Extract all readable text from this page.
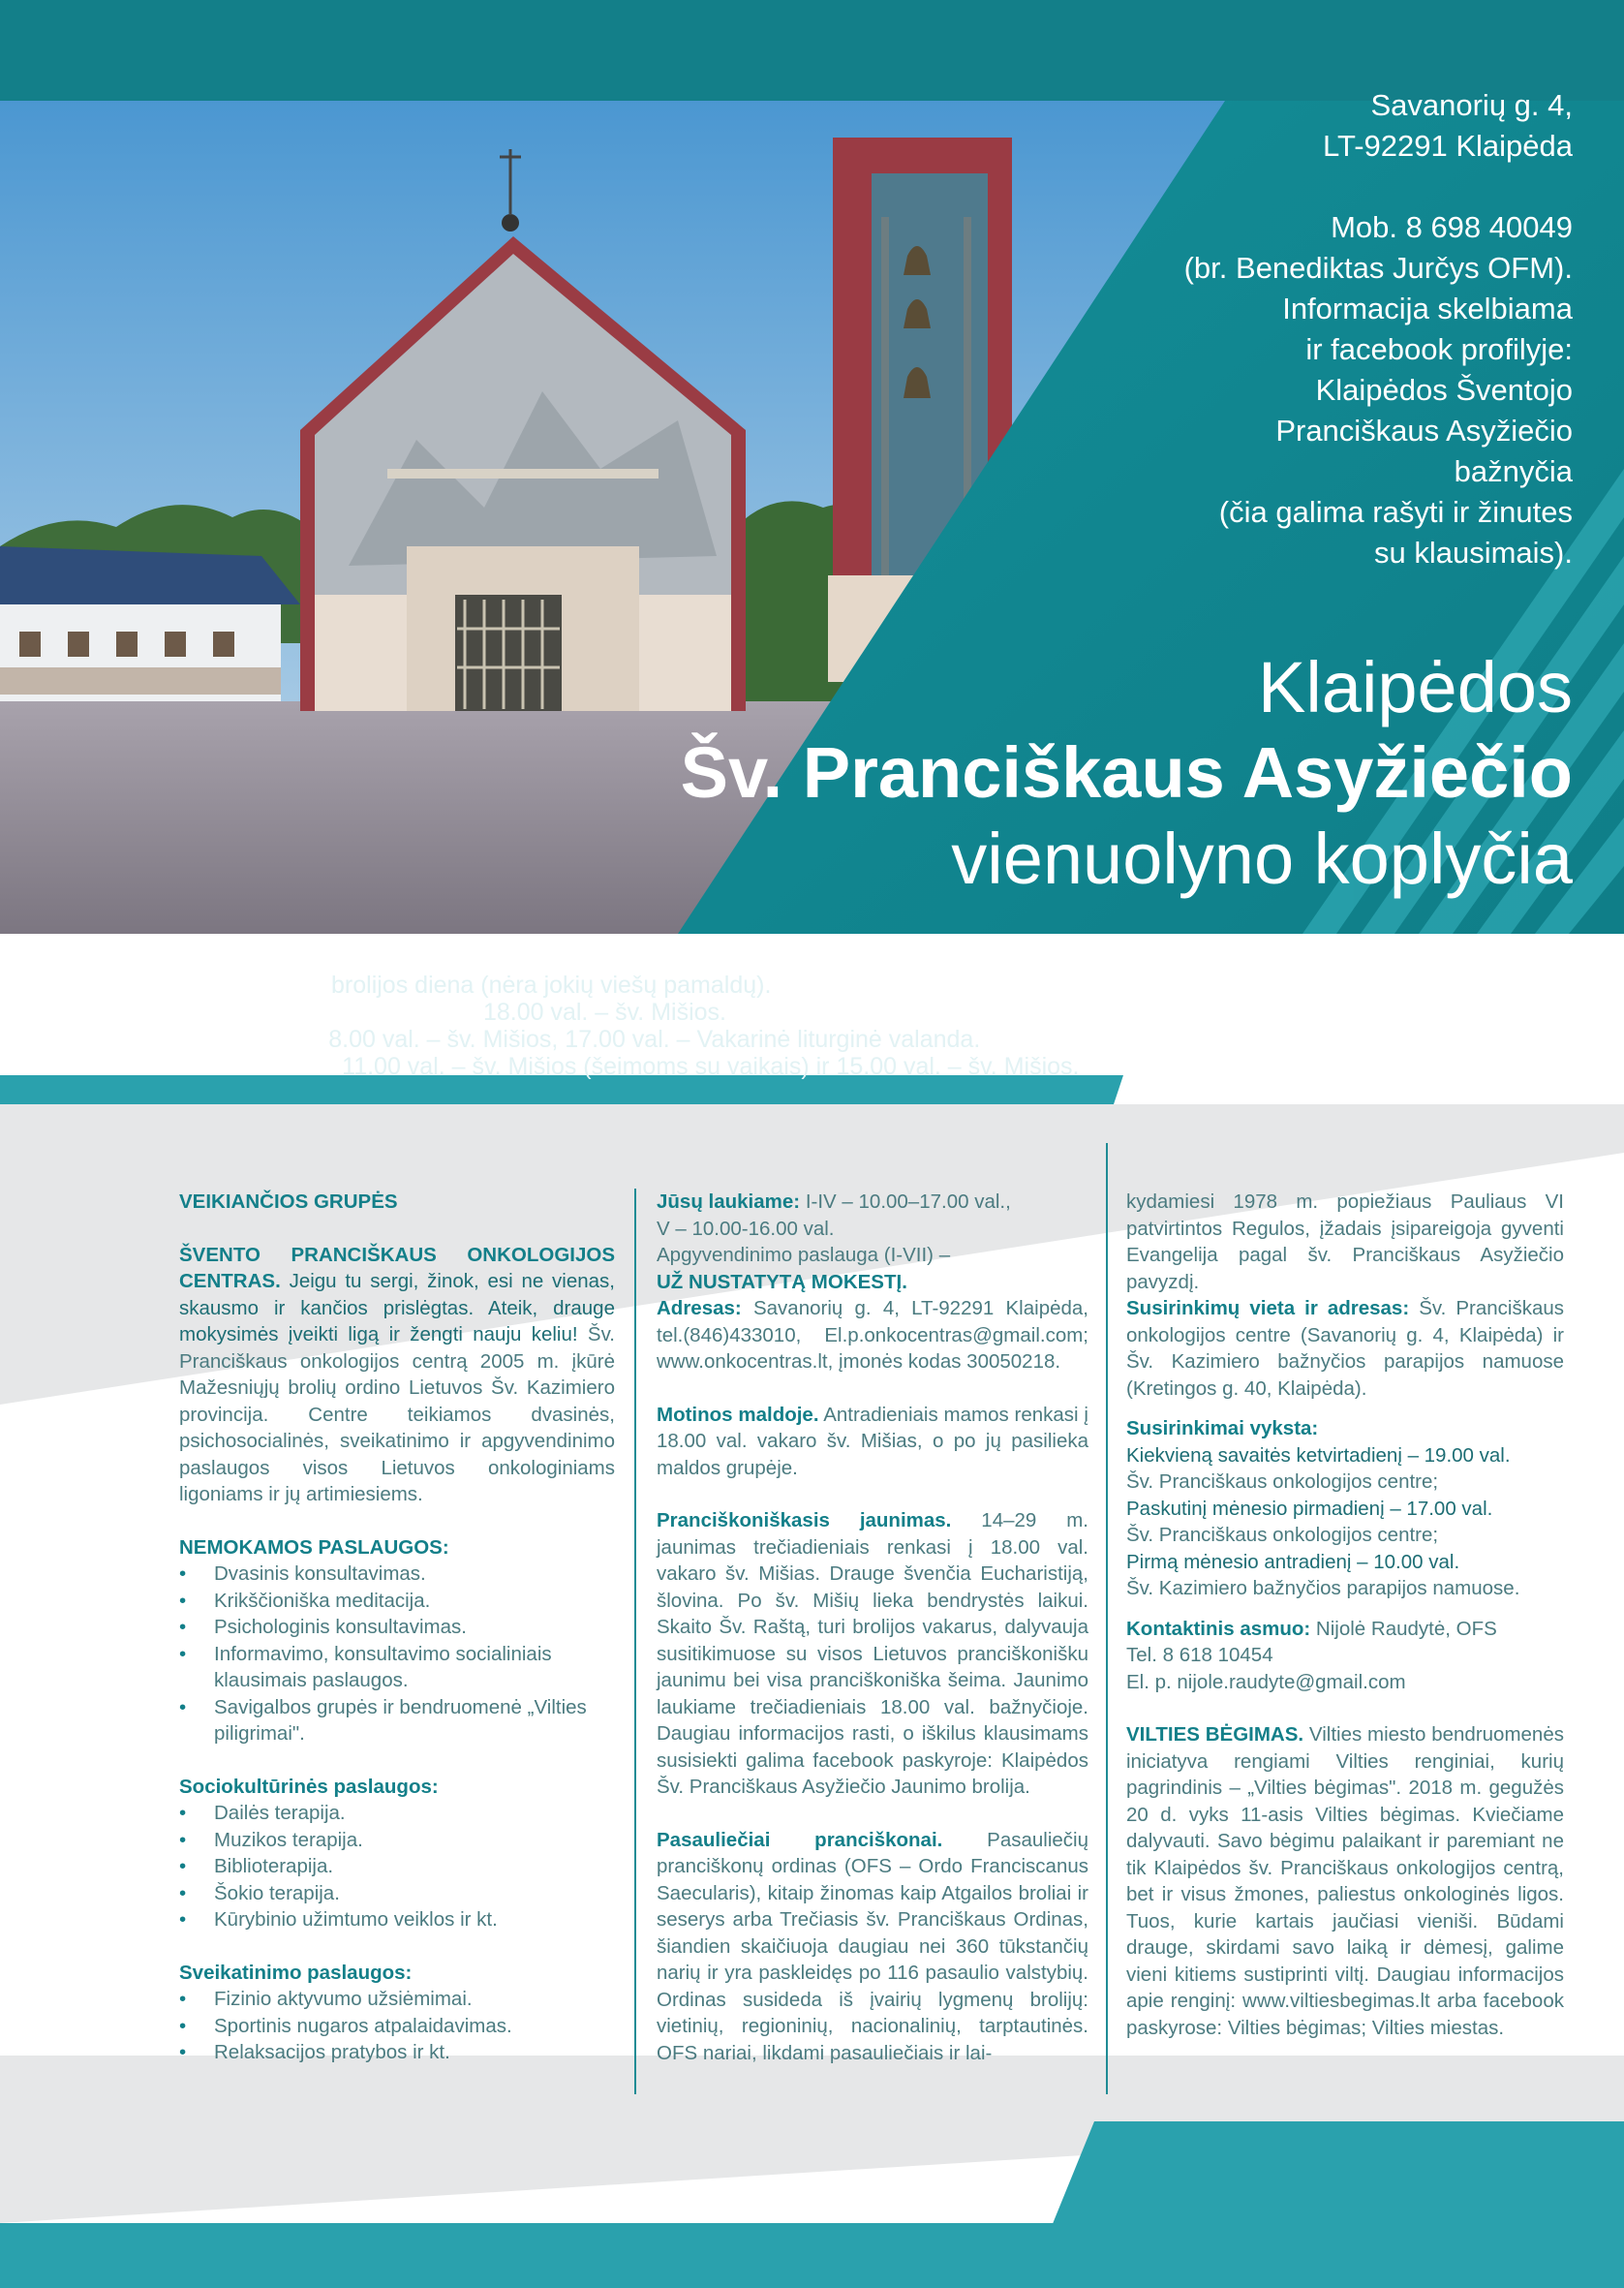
Savanorių g. 4,
LT-92291 Klaipėda
Mob. 8 698 40049
(br. Benediktas Jurčys OFM).
Informacija skelbiama
ir facebook profilyje:
Klaipėdos Šventojo
Pranciškaus Asyžiečio
bažnyčia
(čia galima rašyti ir žinutes
su klausimais).
Klaipėdos
Šv. Pranciškaus Asyžiečio
vienuolyno koplyčia
Pamaldų tvarka:
Pirmadienis: brolijos diena (nėra jokių viešų pamaldų).
Antradienis-penktadienis: 18.00 val. – šv. Mišios.
Šeštadienis: 8.00 val. – šv. Mišios, 17.00 val. – Vakarinė liturginė valanda.
Sekmadienis: 11.00 val. – šv. Mišios (šeimoms su vaikais) ir 15.00 val. – šv. Mišios.

VEIKIANČIOS GRUPĖS

ŠVENTO PRANCIŠKAUS ONKOLOGIJOS CENTRAS. Jeigu tu sergi, žinok, esi ne vienas, skausmo ir kančios prislėgtas. Ateik, drauge mokysimės įveikti ligą ir žengti nauju keliu! Šv. Pranciškaus onkologijos centrą 2005 m. įkūrė Mažesniųjų brolių ordino Lietuvos Šv. Kazimiero provincija. Centre teikiamos dvasinės, psichosocialinės, sveikatinimo ir apgyvendinimo paslaugos visos Lietuvos onkologiniams ligoniams ir jų artimiesiems.

NEMOKAMOS PASLAUGOS:

• Dvasinis konsultavimas.

• Krikščioniška meditacija.

• Psichologinis konsultavimas.

• Informavimo, konsultavimo socialiniais klausimais paslaugos.

• Savigalbos grupės ir bendruomenė „Vilties piligrimai".

Sociokultūrinės paslaugos:

• Dailės terapija.

• Muzikos terapija.

• Biblioterapija.

• Šokio terapija.

• Kūrybinio užimtumo veiklos ir kt.

Sveikatinimo paslaugos:

• Fizinio aktyvumo užsiėmimai.

• Sportinis nugaros atpalaidavimas.

• Relaksacijos pratybos ir kt.

Jūsų laukiame: I-IV – 10.00–17.00 val.,

V – 10.00-16.00 val.

Apgyvendinimo paslauga (I-VII) –

UŽ NUSTATYTĄ MOKESTĮ.

Adresas: Savanorių g. 4, LT-92291 Klaipėda, tel.(846)433010, El.p.onkocentras@gmail.com; www.onkocentras.lt, įmonės kodas 30050218.

Motinos maldoje. Antradieniais mamos renkasi į 18.00 val. vakaro šv. Mišias, o po jų pasilieka maldos grupėje.

Pranciškoniškasis jaunimas. 14–29 m. jaunimas trečiadieniais renkasi į 18.00 val. vakaro šv. Mišias. Drauge švenčia Eucharistiją, šlovina. Po šv. Mišių lieka bendrystės laikui. Skaito Šv. Raštą, turi brolijos vakarus, dalyvauja susitikimuose su visos Lietuvos pranciškonišku jaunimu bei visa pranciškoniška šeima. Jaunimo laukiame trečiadieniais 18.00 val. bažnyčioje. Daugiau informacijos rasti, o iškilus klausimams susisiekti galima facebook paskyroje: Klaipėdos Šv. Pranciškaus Asyžiečio Jaunimo brolija.

Pasauliečiai pranciškonai. Pasauliečių pranciškonų ordinas (OFS – Ordo Franciscanus Saecularis), kitaip žinomas kaip Atgailos broliai ir seserys arba Trečiasis šv. Pranciškaus Ordinas, šiandien skaičiuoja daugiau nei 360 tūkstančių narių ir yra paskleidęs po 116 pasaulio valstybių. Ordinas susideda iš įvairių lygmenų brolijų: vietinių, regioninių, nacionalinių, tarptautinės. OFS nariai, likdami pasauliečiais ir lai-

kydamiesi 1978 m. popiežiaus Pauliaus VI patvirtintos Regulos, įžadais įsipareigoja gyventi Evangelija pagal šv. Pranciškaus Asyžiečio pavyzdį.

Susirinkimų vieta ir adresas: Šv. Pranciškaus onkologijos centre (Savanorių g. 4, Klaipėda) ir Šv. Kazimiero bažnyčios parapijos namuose (Kretingos g. 40, Klaipėda).

Susirinkimai vyksta:

Kiekvieną savaitės ketvirtadienį – 19.00 val.

Šv. Pranciškaus onkologijos centre;

Paskutinį mėnesio pirmadienį – 17.00 val.

Šv. Pranciškaus onkologijos centre;

Pirmą mėnesio antradienį – 10.00 val.

Šv. Kazimiero bažnyčios parapijos namuose.

Kontaktinis asmuo: Nijolė Raudytė, OFS

Tel. 8 618 10454

El. p. nijole.raudyte@gmail.com

VILTIES BĖGIMAS. Vilties miesto bendruomenės iniciatyva rengiami Vilties renginiai, kurių pagrindinis – „Vilties bėgimas". 2018 m. gegužės 20 d. vyks 11-asis Vilties bėgimas. Kviečiame dalyvauti. Savo bėgimu palaikant ir paremiant ne tik Klaipėdos šv. Pranciškaus onkologijos centrą, bet ir visus žmones, paliestus onkologinės ligos. Tuos, kurie kartais jaučiasi vieniši. Būdami drauge, skirdami savo laiką ir dėmesį, galime vieni kitiems sustiprinti viltį. Daugiau informacijos apie renginį: www.viltiesbegimas.lt arba facebook paskyrose: Vilties bėgimas; Vilties miestas.
